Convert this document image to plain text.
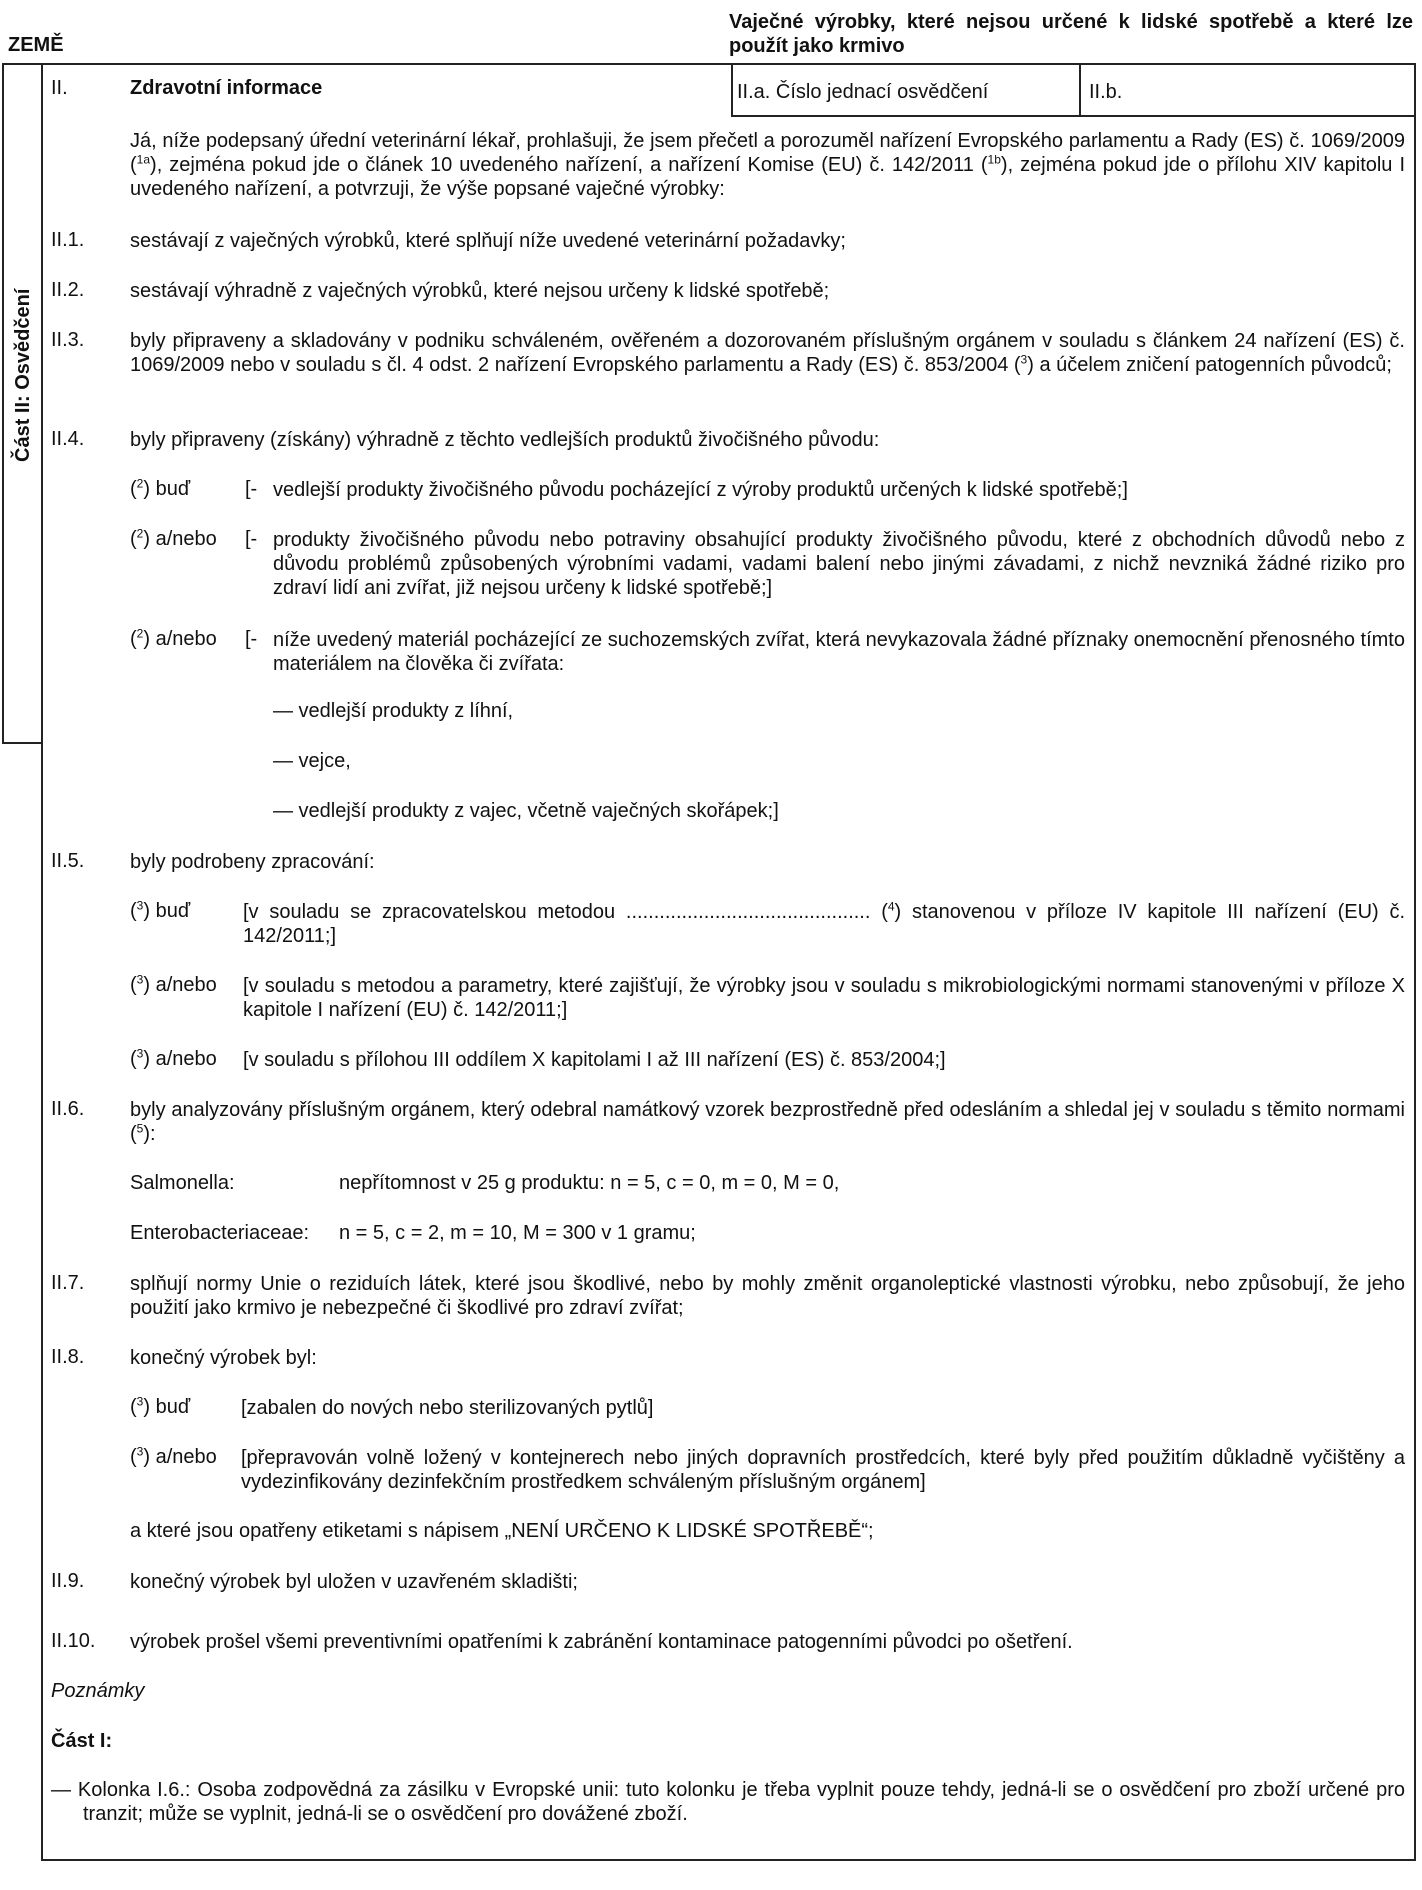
ZEMĚ
Vaječné výrobky, které nejsou určené k lidské spotřebě a které lze použít jako krmivo
Část II: Osvědčení
II.	Zdravotní informace	II.a. Číslo jednací osvědčení	II.b.
Já, níže podepsaný úřední veterinární lékař, prohlašuji, že jsem přečetl a porozuměl nařízení Evropského parlamentu a Rady (ES) č. 1069/2009 ($^{1a}$), zejména pokud jde o článek 10 uvedeného nařízení, a nařízení Komise (EU) č. 142/2011 ($^{1b}$), zejména pokud jde o přílohu XIV kapitolu I uvedeného nařízení, a potvrzuji, že výše popsané vaječné výrobky:
II.1. sestávají z vaječných výrobků, které splňují níže uvedené veterinární požadavky;
II.2. sestávají výhradně z vaječných výrobků, které nejsou určeny k lidské spotřebě;
II.3. byly připraveny a skladovány v podniku schváleném, ověřeném a dozorovaném příslušným orgánem v souladu s článkem 24 nařízení (ES) č. 1069/2009 nebo v souladu s čl. 4 odst. 2 nařízení Evropského parlamentu a Rady (ES) č. 853/2004 ($^3$) a účelem zničení patogenních původců;
II.4. byly připraveny (získány) výhradně z těchto vedlejších produktů živočišného původu:
($^2$) buď	[- vedlejší produkty živočišného původu pocházející z výroby produktů určených k lidské spotřebě;]
($^2$) a/nebo [- produkty živočišného původu nebo potraviny obsahující produkty živočišného původu, které z obchodních důvodů nebo z důvodu problémů způsobených výrobními vadami, vadami balení nebo jinými závadami, z nichž nevzniká žádné riziko pro zdraví lidí ani zvířat, již nejsou určeny k lidské spotřebě;]
($^2$) a/nebo [- níže uvedený materiál pocházející ze suchozemských zvířat, která nevykazovala žádné příznaky onemocnění přenosného tímto materiálem na člověka či zvířata:
— vedlejší produkty z líhní,
— vejce,
— vedlejší produkty z vajec, včetně vaječných skořápek;]
II.5. byly podrobeny zpracování:
($^3$) buď	[v souladu se zpracovatelskou metodou ............................................ ($^4$) stanovenou v příloze IV kapitole III nařízení (EU) č. 142/2011;]
($^3$) a/nebo [v souladu s metodou a parametry, které zajišťují, že výrobky jsou v souladu s mikrobiologickými normami stanovenými v příloze X kapitole I nařízení (EU) č. 142/2011;]
($^3$) a/nebo [v souladu s přílohou III oddílem X kapitolami I až III nařízení (ES) č. 853/2004;]
II.6. byly analyzovány příslušným orgánem, který odebral namátkový vzorek bezprostředně před odesláním a shledal jej v souladu s těmito normami ($^5$):
Salmonella:	nepřítomnost v 25 g produktu: n = 5, c = 0, m = 0, M = 0,
Enterobacteriaceae: n = 5, c = 2, m = 10, M = 300 v 1 gramu;
II.7. splňují normy Unie o reziduích látek, které jsou škodlivé, nebo by mohly změnit organoleptické vlastnosti výrobku, nebo způsobují, že jeho použití jako krmivo je nebezpečné či škodlivé pro zdraví zvířat;
II.8. konečný výrobek byl:
($^3$) buď	[zabalen do nových nebo sterilizovaných pytlů]
($^3$) a/nebo [přepravován volně ložený v kontejnerech nebo jiných dopravních prostředcích, které byly před použitím důkladně vyčištěny a vydezinfikovány dezinfekčním prostředkem schváleným příslušným orgánem]
a které jsou opatřeny etiketami s nápisem „NENÍ URČENO K LIDSKÉ SPOTŘEBĚ“;
II.9. konečný výrobek byl uložen v uzavřeném skladišti;
II.10. výrobek prošel všemi preventivními opatřeními k zabránění kontaminace patogenními původci po ošetření.
Poznámky
Část I:
— Kolonka I.6.: Osoba zodpovědná za zásilku v Evropské unii: tuto kolonku je třeba vyplnit pouze tehdy, jedná-li se o osvědčení pro zboží určené pro tranzit; může se vyplnit, jedná-li se o osvědčení pro dovážené zboží.
